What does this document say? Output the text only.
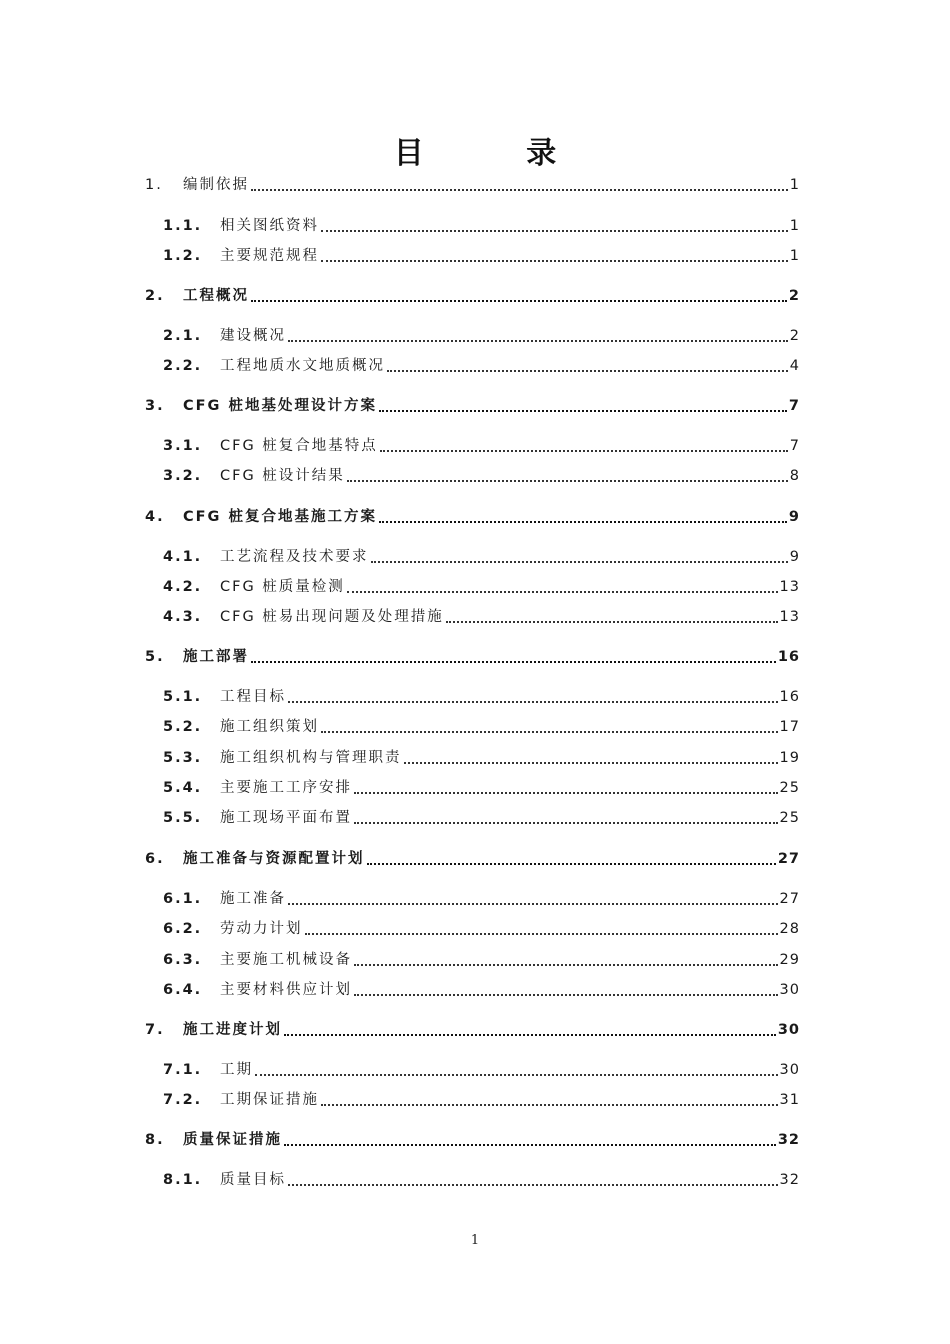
目 录
1.	编制依据	1
1.1.	相关图纸资料	1
1.2.	主要规范规程	1
2.	工程概况	2
2.1.	建设概况	2
2.2.	工程地质水文地质概况	4
3.	CFG 桩地基处理设计方案	7
3.1.	CFG 桩复合地基特点	7
3.2.	CFG 桩设计结果	8
4.	CFG 桩复合地基施工方案	9
4.1.	工艺流程及技术要求	9
4.2.	CFG 桩质量检测	13
4.3.	CFG 桩易出现问题及处理措施	13
5.	施工部署	16
5.1.	工程目标	16
5.2.	施工组织策划	17
5.3.	施工组织机构与管理职责	19
5.4.	主要施工工序安排	25
5.5.	施工现场平面布置	25
6.	施工准备与资源配置计划	27
6.1.	施工准备	27
6.2.	劳动力计划	28
6.3.	主要施工机械设备	29
6.4.	主要材料供应计划	30
7.	施工进度计划	30
7.1.	工期	30
7.2.	工期保证措施	31
8.	质量保证措施	32
8.1.	质量目标	32
1
